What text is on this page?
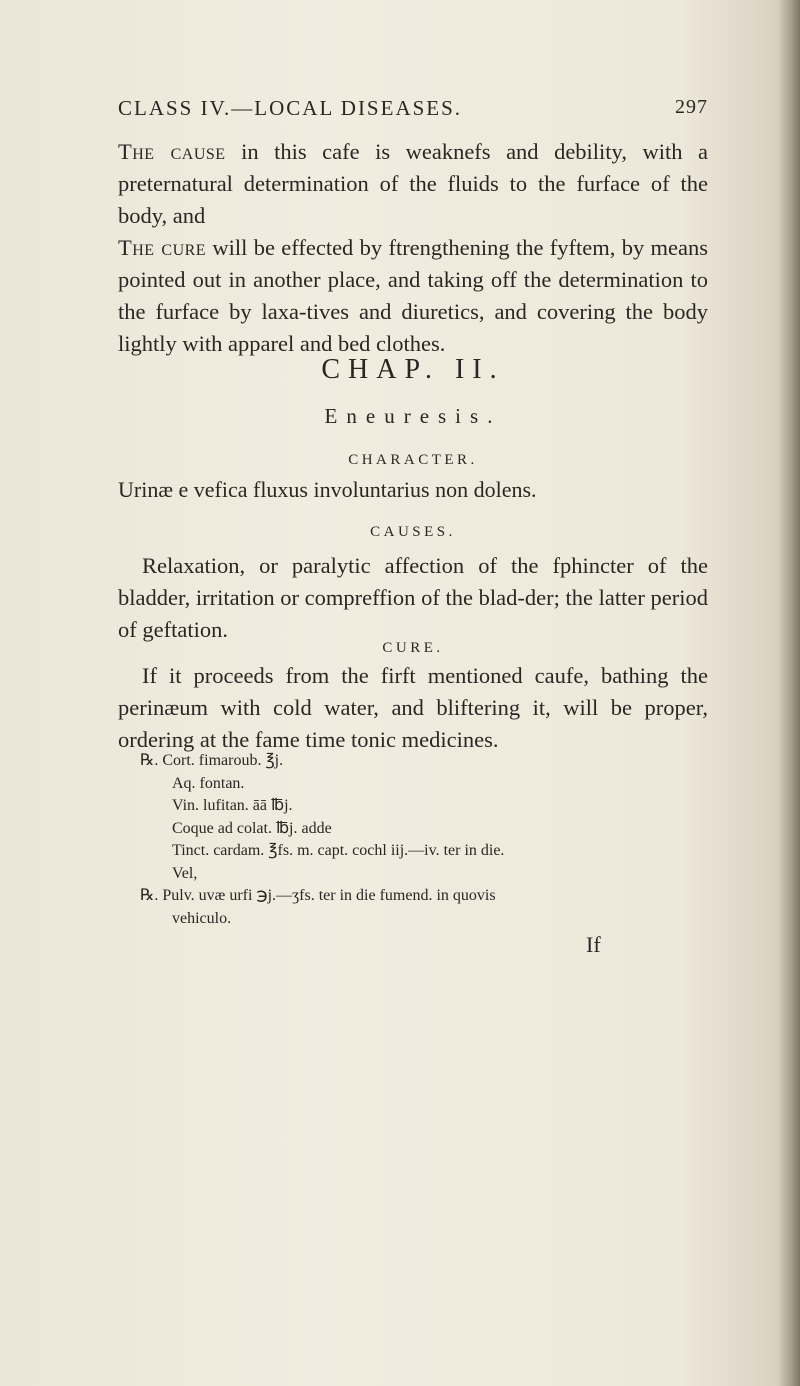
CLASS IV.—LOCAL DISEASES.	297
The cause in this cafe is weaknefs and debility, with a preternatural determination of the fluids to the furface of the body, and
The cure will be effected by ftrengthening the fyftem, by means pointed out in another place, and taking off the determination to the furface by laxa-tives and diuretics, and covering the body lightly with apparel and bed clothes.
CHAP. II.
Eneuresis.
CHARACTER.
Urinæ e vefica fluxus involuntarius non dolens.
CAUSES.
Relaxation, or paralytic affection of the fphincter of the bladder, irritation or compreffion of the blad-der; the latter period of geftation.
CURE.
If it proceeds from the firft mentioned caufe, bathing the perinæum with cold water, and bliftering it, will be proper, ordering at the fame time tonic medicines.
℞. Cort. fimaroub. ℥j.
Aq. fontan.
Vin. lufitan. āā ℔j.
Coque ad colat. ℔j. adde
Tinct. cardam. ℥fs. m. capt. cochl iij.—iv. ter in die.
Vel,
℞. Pulv. uvæ urfi ℈j.—ʒfs. ter in die fumend. in quovis
vehiculo.
If
